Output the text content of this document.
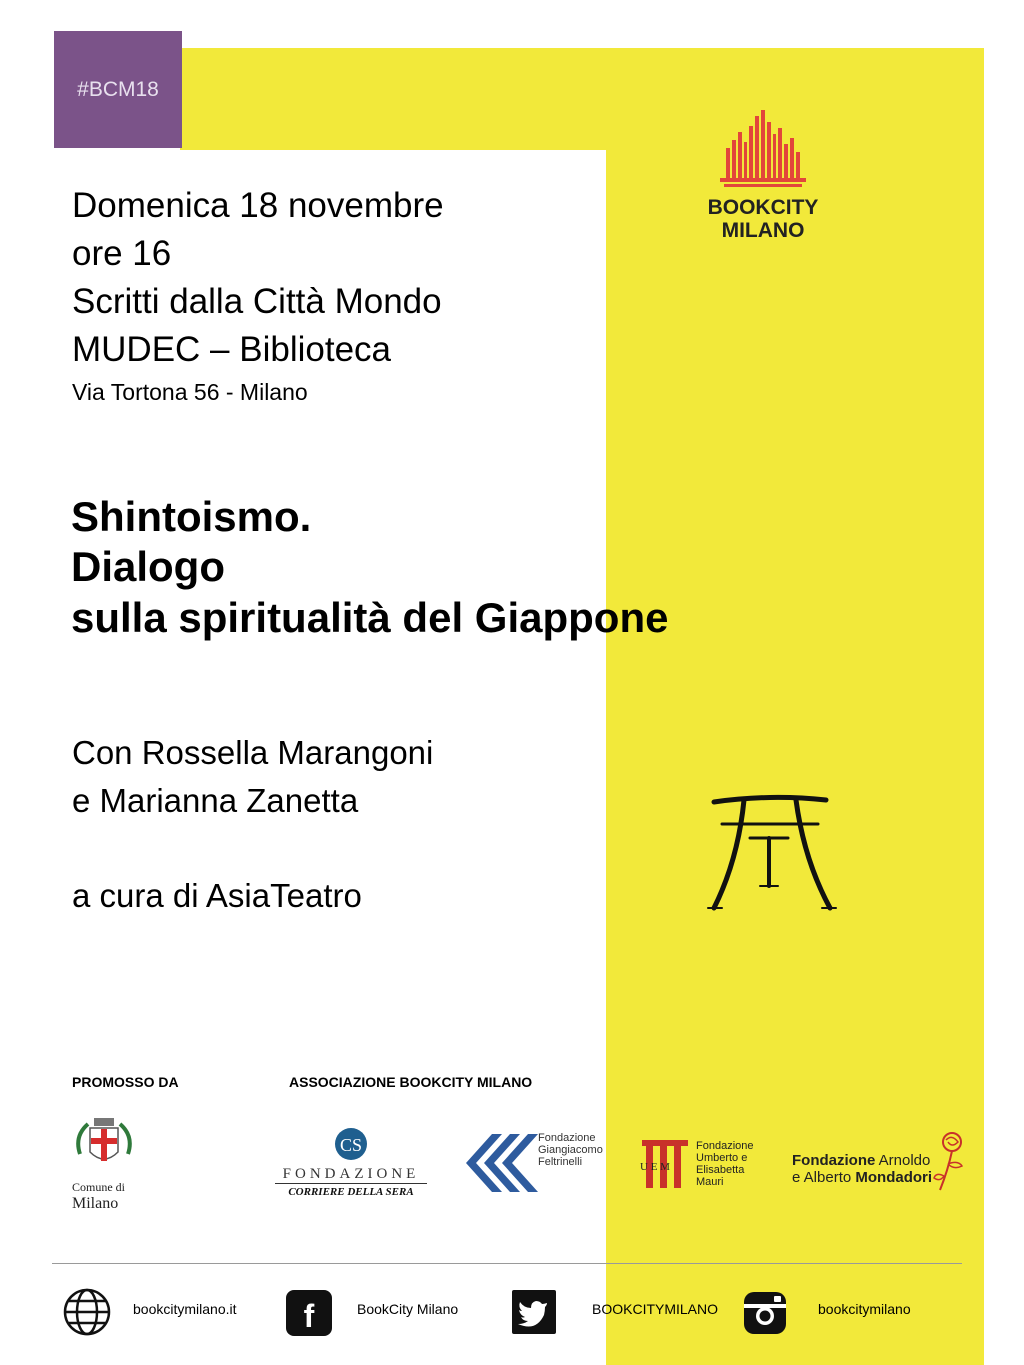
#BCM18
BOOKCITY
MILANO
Domenica 18 novembre
ore 16
Scritti dalla Città Mondo
MUDEC – Biblioteca
Via Tortona 56 - Milano
Shintoismo.
Dialogo
sulla spiritualità del Giappone
Con Rossella Marangoni
e Marianna Zanetta
a cura di AsiaTeatro
PROMOSSO DA	ASSOCIAZIONE BOOKCITY MILANO
Comune di
Milano
CS
FONDAZIONE
CORRIERE DELLA SERA
Fondazione
Giangiacomo
Feltrinelli	U E M
Fondazione
Umberto e
Elisabetta
Mauri
Fondazione Arnoldo
e Alberto Mondadori
bookcitymilano.it f	BookCity Milano	BOOKCITYMILANO	bookcitymilano
